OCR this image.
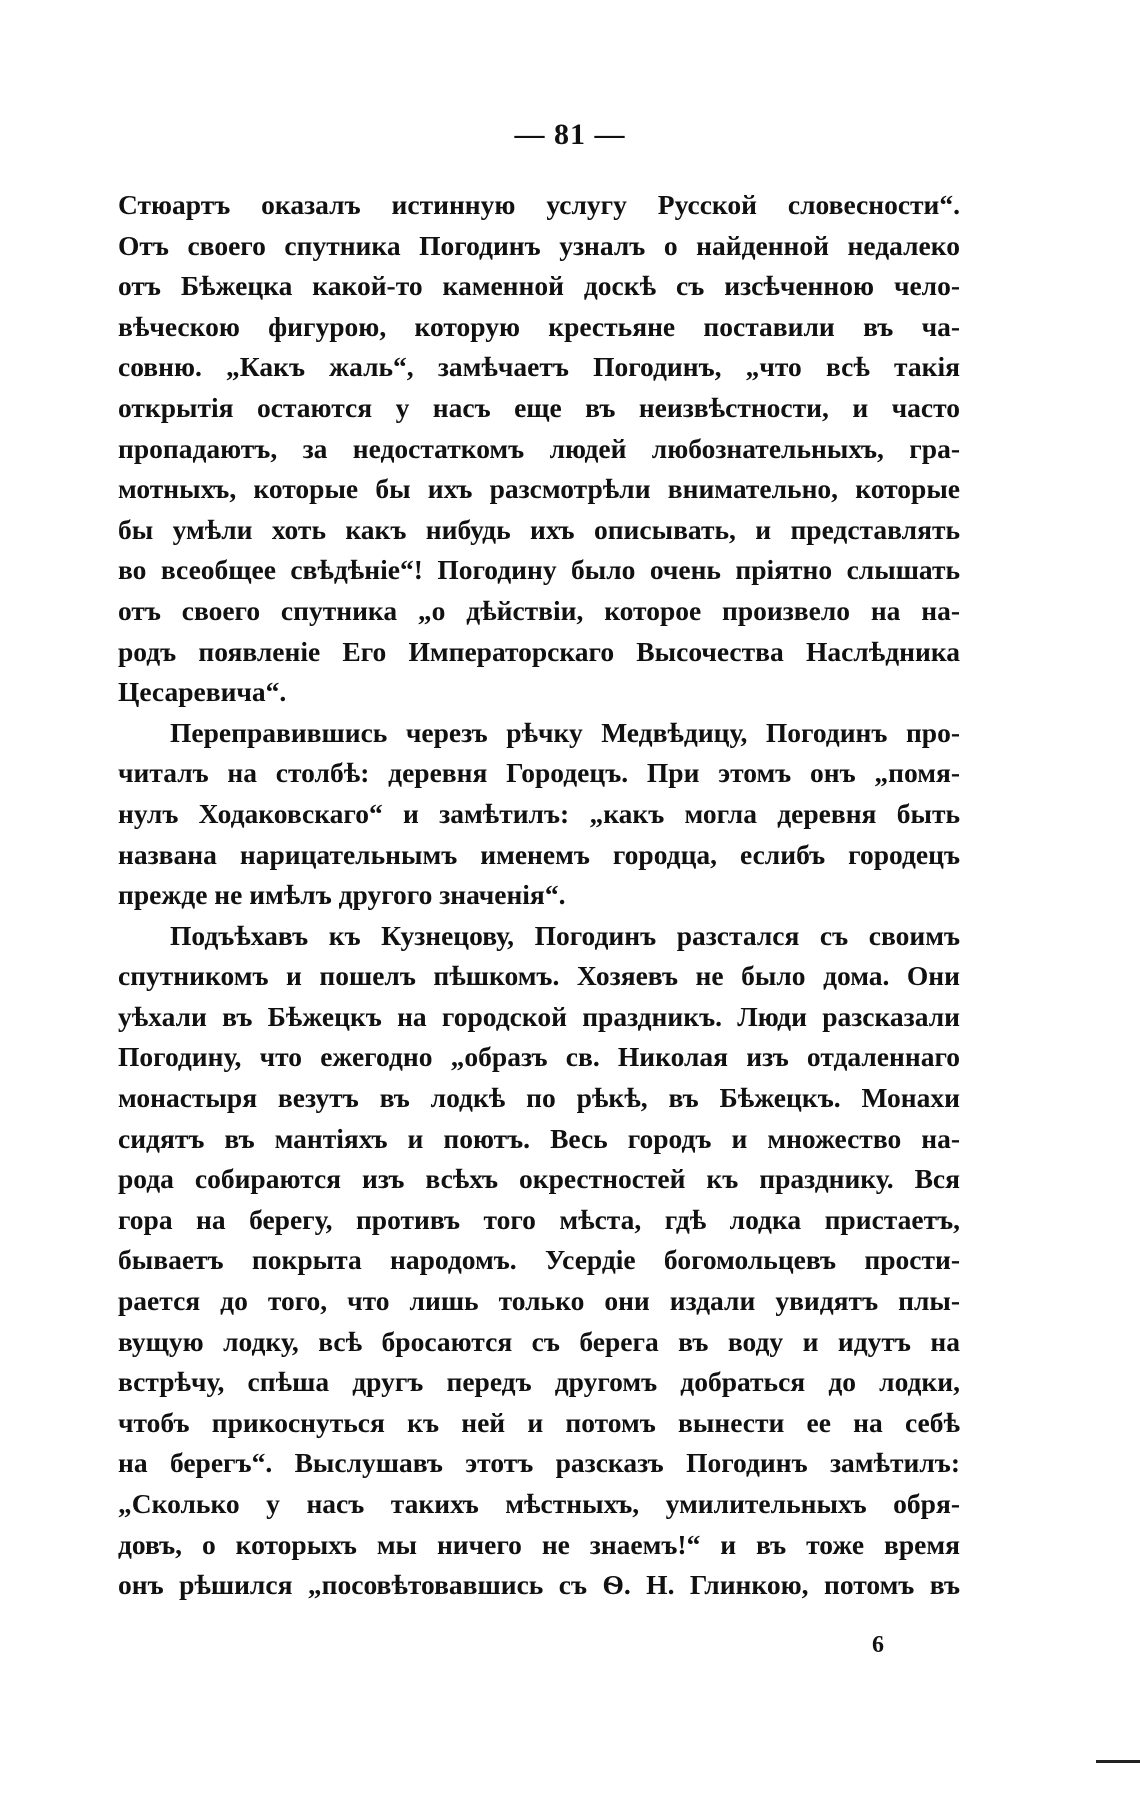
— 81 —
Стюартъ оказалъ истинную услугу Русской словесности“.
Отъ своего спутника Погодинъ узналъ о найденной недалеко
отъ Бѣжецка какой-то каменной доскѣ съ изсѣченною чело-
вѣческою фигурою, которую крестьяне поставили въ ча-
совню. „Какъ жаль“, замѣчаетъ Погодинъ, „что всѣ такія
открытія остаются у насъ еще въ неизвѣстности, и часто
пропадаютъ, за недостаткомъ людей любознательныхъ, гра-
мотныхъ, которые бы ихъ разсмотрѣли внимательно, которые
бы умѣли хоть какъ нибудь ихъ описывать, и представлять
во всеобщее свѣдѣніе“! Погодину было очень пріятно слышать
отъ своего спутника „о дѣйствіи, которое произвело на на-
родъ появленіе Его Императорскаго Высочества Наслѣдника
Цесаревича“.
Переправившись черезъ рѣчку Медвѣдицу, Погодинъ про-
читалъ на столбѣ: деревня Городецъ. При этомъ онъ „помя-
нулъ Ходаковскаго“ и замѣтилъ: „какъ могла деревня быть
названа нарицательнымъ именемъ городца, еслибъ городецъ
прежде не имѣлъ другого значенія“.
Подъѣхавъ къ Кузнецову, Погодинъ разстался съ своимъ
спутникомъ и пошелъ пѣшкомъ. Хозяевъ не было дома. Они
уѣхали въ Бѣжецкъ на городской праздникъ. Люди разсказали
Погодину, что ежегодно „образъ св. Николая изъ отдаленнаго
монастыря везутъ въ лодкѣ по рѣкѣ, въ Бѣжецкъ. Монахи
сидятъ въ мантіяхъ и поютъ. Весь городъ и множество на-
рода собираются изъ всѣхъ окрестностей къ празднику. Вся
гора на берегу, противъ того мѣста, гдѣ лодка пристаетъ,
бываетъ покрыта народомъ. Усердіе богомольцевъ прости-
рается до того, что лишь только они издали увидятъ плы-
вущую лодку, всѣ бросаются съ берега въ воду и идутъ на
встрѣчу, спѣша другъ передъ другомъ добраться до лодки,
чтобъ прикоснуться къ ней и потомъ вынести ее на себѣ
на берегъ“. Выслушавъ этотъ разсказъ Погодинъ замѣтилъ:
„Сколько у насъ такихъ мѣстныхъ, умилительныхъ обря-
довъ, о которыхъ мы ничего не знаемъ!“ и въ тоже время
онъ рѣшился „посовѣтовавшись съ Ѳ. Н. Глинкою, потомъ въ
6
